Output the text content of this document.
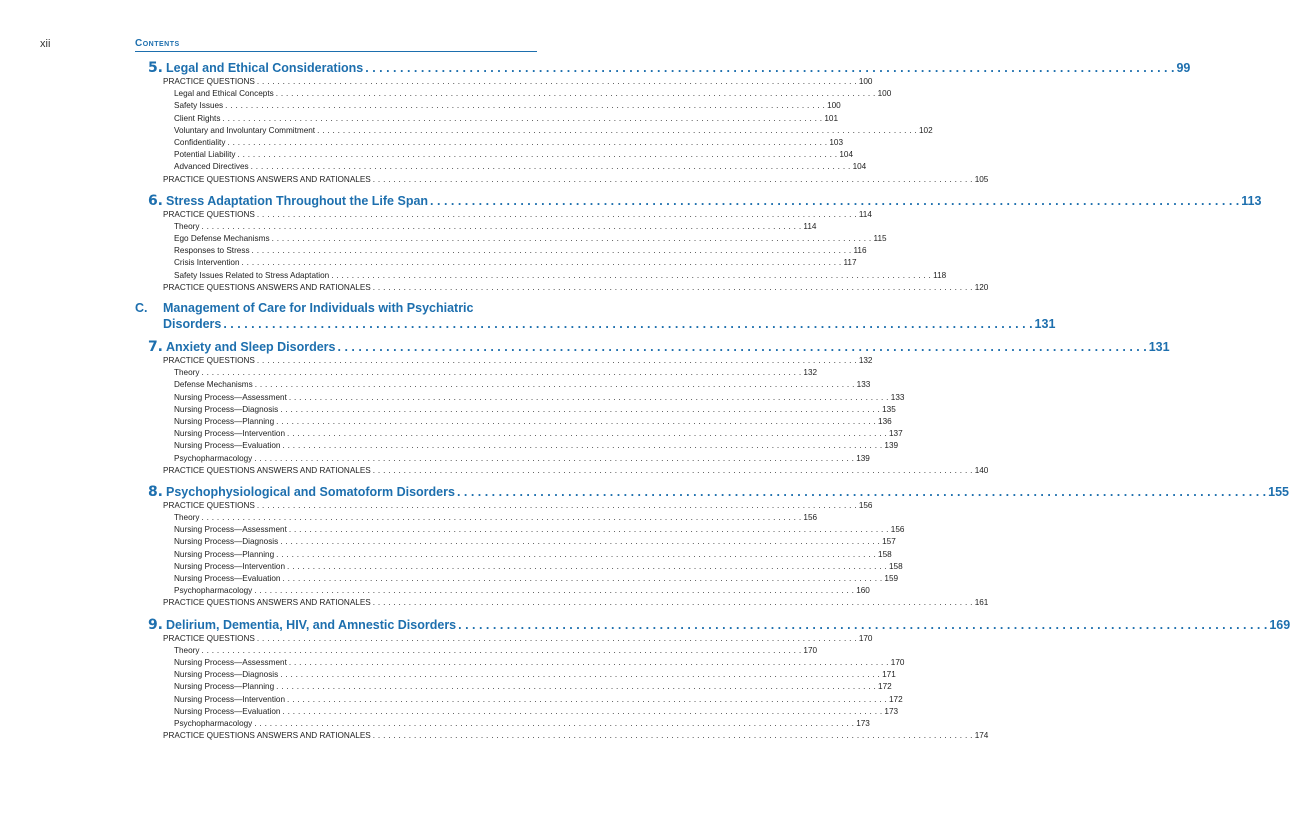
xii	Contents
5. Legal and Ethical Considerations . . . . . . . . . . . . . . . . . . . . . . . . . . . . . . . . . . . . . . . . . . . . . . . . . . . . . . . . . . . . . . . . . . . . . . . . . . . . . . . . . . . . . . . . . . . . . . . . . . . . . . . . . . . . . . . . . . . . . 99
PRACTICE QUESTIONS . . . . . . . . . . . . . . . . . . . . . . . . . . . . . . . . . . . . . . . . . . . . . . . . . . . . . . . . . . . . . . . . . . . . . . . . . . . . . . . . . . . . . . . . . . . . . . . . . . . . . . . . . . . . . . . . . . . . . 100
Legal and Ethical Concepts . . . . . . . . . . . . . . . . . . . . . . . . . . . . . . . . . . . . . . . . . . . . . . . . . . . . . . . . . . . . . . . . . . . . . . . . . . . . . . . . . . . . . . . . . . . . . . . . . . . . . . . . . . . . . . . . . . . . . 100
Safety Issues . . . . . . . . . . . . . . . . . . . . . . . . . . . . . . . . . . . . . . . . . . . . . . . . . . . . . . . . . . . . . . . . . . . . . . . . . . . . . . . . . . . . . . . . . . . . . . . . . . . . . . . . . . . . . . . . . . . . . 100
Client Rights . . . . . . . . . . . . . . . . . . . . . . . . . . . . . . . . . . . . . . . . . . . . . . . . . . . . . . . . . . . . . . . . . . . . . . . . . . . . . . . . . . . . . . . . . . . . . . . . . . . . . . . . . . . . . . . . . . . . . 101
Voluntary and Involuntary Commitment . . . . . . . . . . . . . . . . . . . . . . . . . . . . . . . . . . . . . . . . . . . . . . . . . . . . . . . . . . . . . . . . . . . . . . . . . . . . . . . . . . . . . . . . . . . . . . . . . . . . . . . . . . . . . . . . . . . . . 102
Confidentiality . . . . . . . . . . . . . . . . . . . . . . . . . . . . . . . . . . . . . . . . . . . . . . . . . . . . . . . . . . . . . . . . . . . . . . . . . . . . . . . . . . . . . . . . . . . . . . . . . . . . . . . . . . . . . . . . . . . . . 103
Potential Liability . . . . . . . . . . . . . . . . . . . . . . . . . . . . . . . . . . . . . . . . . . . . . . . . . . . . . . . . . . . . . . . . . . . . . . . . . . . . . . . . . . . . . . . . . . . . . . . . . . . . . . . . . . . . . . . . . . . . . 104
Advanced Directives . . . . . . . . . . . . . . . . . . . . . . . . . . . . . . . . . . . . . . . . . . . . . . . . . . . . . . . . . . . . . . . . . . . . . . . . . . . . . . . . . . . . . . . . . . . . . . . . . . . . . . . . . . . . . . . . . . . . . 104
PRACTICE QUESTIONS ANSWERS AND RATIONALES . . . . . . . . . . . . . . . . . . . . . . . . . . . . . . . . . . . . . . . . . . . . . . . . . . . . . . . . . . . . . . . . . . . . . . . . . . . . . . . . . . . . . . . . . . . . . . . . . . . . . . . . . . . . . . . . . . . . . 105
6. Stress Adaptation Throughout the Life Span . . . . . . . . . . . . . . . . . . . . . . . . . . . . . . . . . . . . . . . . . . . . . . . . . . . . . . . . . . . . . . . . . . . . . . . . . . . . . . . . . . . . . . . . . . . . . . . . . . . . . . . . . . . . . . . . . . . . . 113
PRACTICE QUESTIONS . . . . . . . . . . . . . . . . . . . . . . . . . . . . . . . . . . . . . . . . . . . . . . . . . . . . . . . . . . . . . . . . . . . . . . . . . . . . . . . . . . . . . . . . . . . . . . . . . . . . . . . . . . . . . . . . . . . . . 114
Theory . . . . . . . . . . . . . . . . . . . . . . . . . . . . . . . . . . . . . . . . . . . . . . . . . . . . . . . . . . . . . . . . . . . . . . . . . . . . . . . . . . . . . . . . . . . . . . . . . . . . . . . . . . . . . . . . . . . . . 114
Ego Defense Mechanisms . . . . . . . . . . . . . . . . . . . . . . . . . . . . . . . . . . . . . . . . . . . . . . . . . . . . . . . . . . . . . . . . . . . . . . . . . . . . . . . . . . . . . . . . . . . . . . . . . . . . . . . . . . . . . . . . . . . . . 115
Responses to Stress . . . . . . . . . . . . . . . . . . . . . . . . . . . . . . . . . . . . . . . . . . . . . . . . . . . . . . . . . . . . . . . . . . . . . . . . . . . . . . . . . . . . . . . . . . . . . . . . . . . . . . . . . . . . . . . . . . . . . 116
Crisis Intervention . . . . . . . . . . . . . . . . . . . . . . . . . . . . . . . . . . . . . . . . . . . . . . . . . . . . . . . . . . . . . . . . . . . . . . . . . . . . . . . . . . . . . . . . . . . . . . . . . . . . . . . . . . . . . . . . . . . . . 117
Safety Issues Related to Stress Adaptation . . . . . . . . . . . . . . . . . . . . . . . . . . . . . . . . . . . . . . . . . . . . . . . . . . . . . . . . . . . . . . . . . . . . . . . . . . . . . . . . . . . . . . . . . . . . . . . . . . . . . . . . . . . . . . . . . . . . . 118
PRACTICE QUESTIONS ANSWERS AND RATIONALES . . . . . . . . . . . . . . . . . . . . . . . . . . . . . . . . . . . . . . . . . . . . . . . . . . . . . . . . . . . . . . . . . . . . . . . . . . . . . . . . . . . . . . . . . . . . . . . . . . . . . . . . . . . . . . . . . . . . . 120
C.	Management of Care for Individuals with Psychiatric
Disorders . . . . . . . . . . . . . . . . . . . . . . . . . . . . . . . . . . . . . . . . . . . . . . . . . . . . . . . . . . . . . . . . . . . . . . . . . . . . . . . . . . . . . . . . . . . . . . . . . . . . . . . . . . . . . . . . . . . . . 131
7. Anxiety and Sleep Disorders . . . . . . . . . . . . . . . . . . . . . . . . . . . . . . . . . . . . . . . . . . . . . . . . . . . . . . . . . . . . . . . . . . . . . . . . . . . . . . . . . . . . . . . . . . . . . . . . . . . . . . . . . . . . . . . . . . . . . 131
PRACTICE QUESTIONS . . . . . . . . . . . . . . . . . . . . . . . . . . . . . . . . . . . . . . . . . . . . . . . . . . . . . . . . . . . . . . . . . . . . . . . . . . . . . . . . . . . . . . . . . . . . . . . . . . . . . . . . . . . . . . . . . . . . . 132
Theory . . . . . . . . . . . . . . . . . . . . . . . . . . . . . . . . . . . . . . . . . . . . . . . . . . . . . . . . . . . . . . . . . . . . . . . . . . . . . . . . . . . . . . . . . . . . . . . . . . . . . . . . . . . . . . . . . . . . . 132
Defense Mechanisms . . . . . . . . . . . . . . . . . . . . . . . . . . . . . . . . . . . . . . . . . . . . . . . . . . . . . . . . . . . . . . . . . . . . . . . . . . . . . . . . . . . . . . . . . . . . . . . . . . . . . . . . . . . . . . . . . . . . . 133
Nursing Process—Assessment . . . . . . . . . . . . . . . . . . . . . . . . . . . . . . . . . . . . . . . . . . . . . . . . . . . . . . . . . . . . . . . . . . . . . . . . . . . . . . . . . . . . . . . . . . . . . . . . . . . . . . . . . . . . . . . . . . . . . 133
Nursing Process—Diagnosis . . . . . . . . . . . . . . . . . . . . . . . . . . . . . . . . . . . . . . . . . . . . . . . . . . . . . . . . . . . . . . . . . . . . . . . . . . . . . . . . . . . . . . . . . . . . . . . . . . . . . . . . . . . . . . . . . . . . . 135
Nursing Process—Planning . . . . . . . . . . . . . . . . . . . . . . . . . . . . . . . . . . . . . . . . . . . . . . . . . . . . . . . . . . . . . . . . . . . . . . . . . . . . . . . . . . . . . . . . . . . . . . . . . . . . . . . . . . . . . . . . . . . . . 136
Nursing Process—Intervention . . . . . . . . . . . . . . . . . . . . . . . . . . . . . . . . . . . . . . . . . . . . . . . . . . . . . . . . . . . . . . . . . . . . . . . . . . . . . . . . . . . . . . . . . . . . . . . . . . . . . . . . . . . . . . . . . . . . . 137
Nursing Process—Evaluation . . . . . . . . . . . . . . . . . . . . . . . . . . . . . . . . . . . . . . . . . . . . . . . . . . . . . . . . . . . . . . . . . . . . . . . . . . . . . . . . . . . . . . . . . . . . . . . . . . . . . . . . . . . . . . . . . . . . . 139
Psychopharmacology . . . . . . . . . . . . . . . . . . . . . . . . . . . . . . . . . . . . . . . . . . . . . . . . . . . . . . . . . . . . . . . . . . . . . . . . . . . . . . . . . . . . . . . . . . . . . . . . . . . . . . . . . . . . . . . . . . . . . 139
PRACTICE QUESTIONS ANSWERS AND RATIONALES . . . . . . . . . . . . . . . . . . . . . . . . . . . . . . . . . . . . . . . . . . . . . . . . . . . . . . . . . . . . . . . . . . . . . . . . . . . . . . . . . . . . . . . . . . . . . . . . . . . . . . . . . . . . . . . . . . . . . 140
8. Psychophysiological and Somatoform Disorders . . . . . . . . . . . . . . . . . . . . . . . . . . . . . . . . . . . . . . . . . . . . . . . . . . . . . . . . . . . . . . . . . . . . . . . . . . . . . . . . . . . . . . . . . . . . . . . . . . . . . . . . . . . . . . . . . . . . . 155
PRACTICE QUESTIONS . . . . . . . . . . . . . . . . . . . . . . . . . . . . . . . . . . . . . . . . . . . . . . . . . . . . . . . . . . . . . . . . . . . . . . . . . . . . . . . . . . . . . . . . . . . . . . . . . . . . . . . . . . . . . . . . . . . . . 156
Theory . . . . . . . . . . . . . . . . . . . . . . . . . . . . . . . . . . . . . . . . . . . . . . . . . . . . . . . . . . . . . . . . . . . . . . . . . . . . . . . . . . . . . . . . . . . . . . . . . . . . . . . . . . . . . . . . . . . . . 156
Nursing Process—Assessment . . . . . . . . . . . . . . . . . . . . . . . . . . . . . . . . . . . . . . . . . . . . . . . . . . . . . . . . . . . . . . . . . . . . . . . . . . . . . . . . . . . . . . . . . . . . . . . . . . . . . . . . . . . . . . . . . . . . . 156
Nursing Process—Diagnosis . . . . . . . . . . . . . . . . . . . . . . . . . . . . . . . . . . . . . . . . . . . . . . . . . . . . . . . . . . . . . . . . . . . . . . . . . . . . . . . . . . . . . . . . . . . . . . . . . . . . . . . . . . . . . . . . . . . . . 157
Nursing Process—Planning . . . . . . . . . . . . . . . . . . . . . . . . . . . . . . . . . . . . . . . . . . . . . . . . . . . . . . . . . . . . . . . . . . . . . . . . . . . . . . . . . . . . . . . . . . . . . . . . . . . . . . . . . . . . . . . . . . . . . 158
Nursing Process—Intervention . . . . . . . . . . . . . . . . . . . . . . . . . . . . . . . . . . . . . . . . . . . . . . . . . . . . . . . . . . . . . . . . . . . . . . . . . . . . . . . . . . . . . . . . . . . . . . . . . . . . . . . . . . . . . . . . . . . . . 158
Nursing Process—Evaluation . . . . . . . . . . . . . . . . . . . . . . . . . . . . . . . . . . . . . . . . . . . . . . . . . . . . . . . . . . . . . . . . . . . . . . . . . . . . . . . . . . . . . . . . . . . . . . . . . . . . . . . . . . . . . . . . . . . . . 159
Psychopharmacology . . . . . . . . . . . . . . . . . . . . . . . . . . . . . . . . . . . . . . . . . . . . . . . . . . . . . . . . . . . . . . . . . . . . . . . . . . . . . . . . . . . . . . . . . . . . . . . . . . . . . . . . . . . . . . . . . . . . . 160
PRACTICE QUESTIONS ANSWERS AND RATIONALES . . . . . . . . . . . . . . . . . . . . . . . . . . . . . . . . . . . . . . . . . . . . . . . . . . . . . . . . . . . . . . . . . . . . . . . . . . . . . . . . . . . . . . . . . . . . . . . . . . . . . . . . . . . . . . . . . . . . . 161
9. Delirium, Dementia, HIV, and Amnestic Disorders . . . . . . . . . . . . . . . . . . . . . . . . . . . . . . . . . . . . . . . . . . . . . . . . . . . . . . . . . . . . . . . . . . . . . . . . . . . . . . . . . . . . . . . . . . . . . . . . . . . . . . . . . . . . . . . . . . . . . 169
PRACTICE QUESTIONS . . . . . . . . . . . . . . . . . . . . . . . . . . . . . . . . . . . . . . . . . . . . . . . . . . . . . . . . . . . . . . . . . . . . . . . . . . . . . . . . . . . . . . . . . . . . . . . . . . . . . . . . . . . . . . . . . . . . . 170
Theory . . . . . . . . . . . . . . . . . . . . . . . . . . . . . . . . . . . . . . . . . . . . . . . . . . . . . . . . . . . . . . . . . . . . . . . . . . . . . . . . . . . . . . . . . . . . . . . . . . . . . . . . . . . . . . . . . . . . . 170
Nursing Process—Assessment . . . . . . . . . . . . . . . . . . . . . . . . . . . . . . . . . . . . . . . . . . . . . . . . . . . . . . . . . . . . . . . . . . . . . . . . . . . . . . . . . . . . . . . . . . . . . . . . . . . . . . . . . . . . . . . . . . . . . 170
Nursing Process—Diagnosis . . . . . . . . . . . . . . . . . . . . . . . . . . . . . . . . . . . . . . . . . . . . . . . . . . . . . . . . . . . . . . . . . . . . . . . . . . . . . . . . . . . . . . . . . . . . . . . . . . . . . . . . . . . . . . . . . . . . . 171
Nursing Process—Planning . . . . . . . . . . . . . . . . . . . . . . . . . . . . . . . . . . . . . . . . . . . . . . . . . . . . . . . . . . . . . . . . . . . . . . . . . . . . . . . . . . . . . . . . . . . . . . . . . . . . . . . . . . . . . . . . . . . . . 172
Nursing Process—Intervention . . . . . . . . . . . . . . . . . . . . . . . . . . . . . . . . . . . . . . . . . . . . . . . . . . . . . . . . . . . . . . . . . . . . . . . . . . . . . . . . . . . . . . . . . . . . . . . . . . . . . . . . . . . . . . . . . . . . . 172
Nursing Process—Evaluation . . . . . . . . . . . . . . . . . . . . . . . . . . . . . . . . . . . . . . . . . . . . . . . . . . . . . . . . . . . . . . . . . . . . . . . . . . . . . . . . . . . . . . . . . . . . . . . . . . . . . . . . . . . . . . . . . . . . . 173
Psychopharmacology . . . . . . . . . . . . . . . . . . . . . . . . . . . . . . . . . . . . . . . . . . . . . . . . . . . . . . . . . . . . . . . . . . . . . . . . . . . . . . . . . . . . . . . . . . . . . . . . . . . . . . . . . . . . . . . . . . . . . 173
PRACTICE QUESTIONS ANSWERS AND RATIONALES . . . . . . . . . . . . . . . . . . . . . . . . . . . . . . . . . . . . . . . . . . . . . . . . . . . . . . . . . . . . . . . . . . . . . . . . . . . . . . . . . . . . . . . . . . . . . . . . . . . . . . . . . . . . . . . . . . . . . 174
